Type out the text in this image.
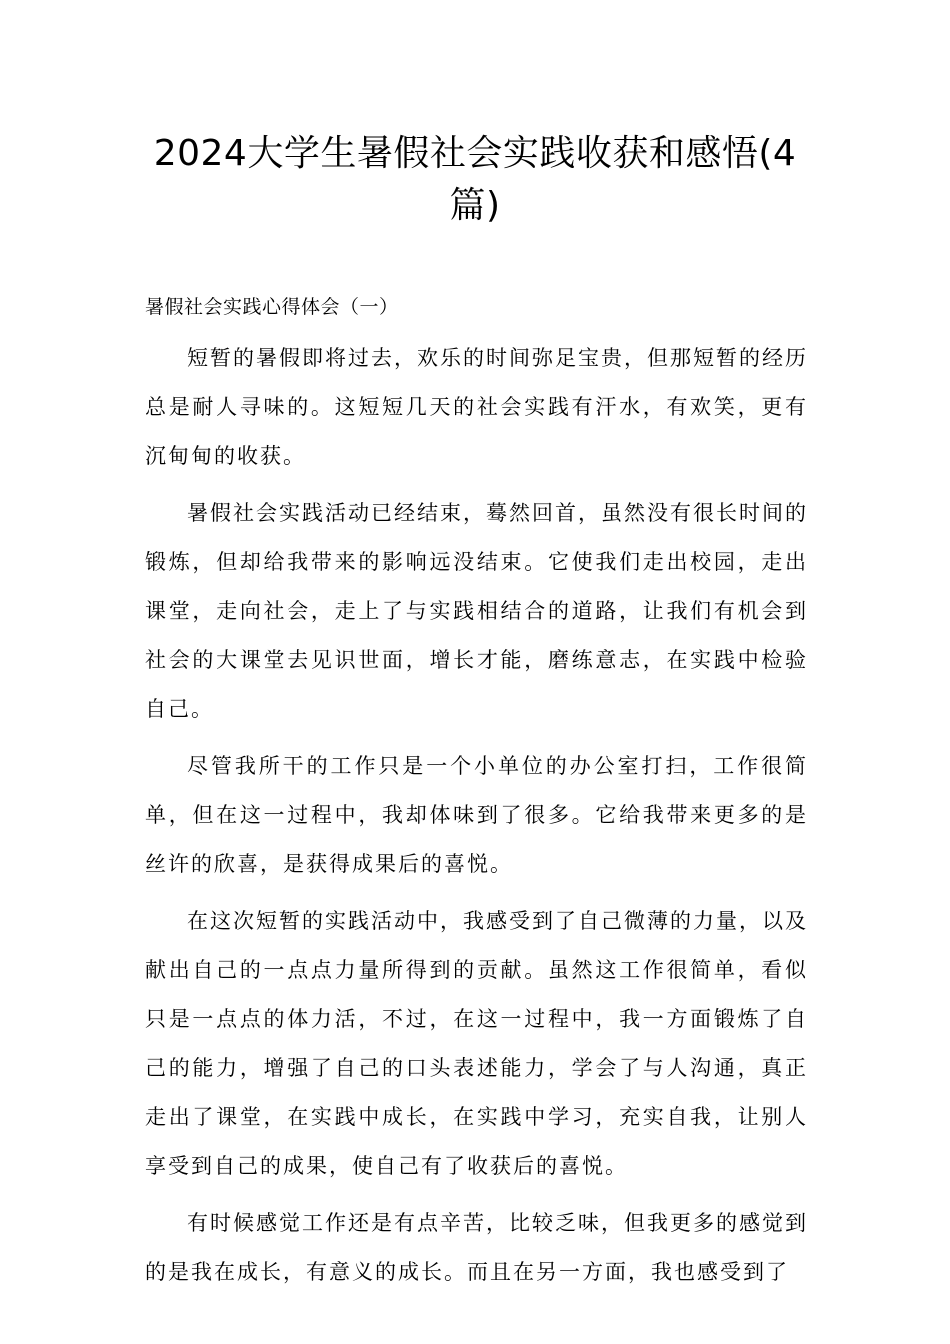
2024大学生暑假社会实践收获和感悟(4篇)

暑假社会实践心得体会（一）

短暂的暑假即将过去，欢乐的时间弥足宝贵，但那短暂的经历总是耐人寻味的。这短短几天的社会实践有汗水，有欢笑，更有沉甸甸的收获。

暑假社会实践活动已经结束，蓦然回首，虽然没有很长时间的锻炼，但却给我带来的影响远没结束。它使我们走出校园，走出课堂，走向社会，走上了与实践相结合的道路，让我们有机会到社会的大课堂去见识世面，增长才能，磨练意志，在实践中检验自己。

尽管我所干的工作只是一个小单位的办公室打扫，工作很简单，但在这一过程中，我却体味到了很多。它给我带来更多的是丝许的欣喜，是获得成果后的喜悦。

在这次短暂的实践活动中，我感受到了自己微薄的力量，以及献出自己的一点点力量所得到的贡献。虽然这工作很简单，看似只是一点点的体力活，不过，在这一过程中，我一方面锻炼了自己的能力，增强了自己的口头表述能力，学会了与人沟通，真正走出了课堂，在实践中成长，在实践中学习，充实自我，让别人享受到自己的成果，使自己有了收获后的喜悦。

有时候感觉工作还是有点辛苦，比较乏味，但我更多的感觉到的是我在成长，有意义的成长。而且在另一方面，我也感受到了
